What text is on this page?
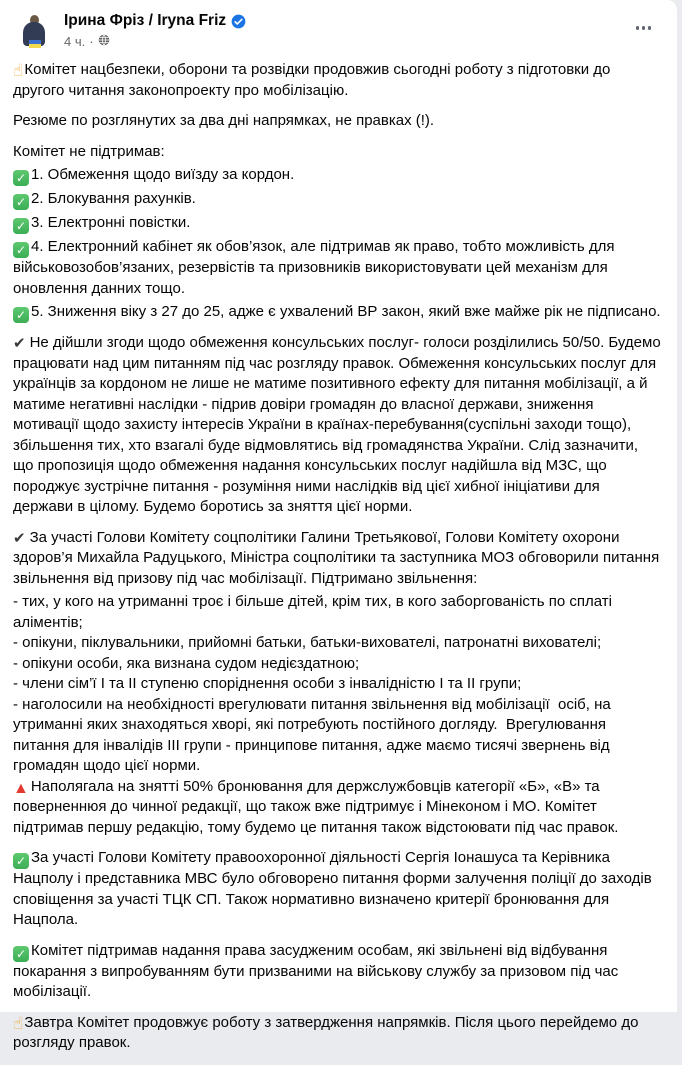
Ірина Фріз / Iryna Friz
4 ч. ·
☝Комітет нацбезпеки, оборони та розвідки продовжив сьогодні роботу з підготовки до другого читання законопроекту про мобілізацію.
Резюме по розглянутих за два дні напрямках, не правках (!).
Комітет не підтримав:
✓ 1. Обмеження щодо виїзду за кордон.
✓ 2. Блокування рахунків.
✓ 3. Електронні повістки.
✓ 4. Електронний кабінет як обов’язок, але підтримав як право, тобто можливість для військовозобов’язаних, резервістів та призовників використовувати цей механізм для оновлення данних тощо.
✓ 5. Зниження віку з 27 до 25, адже є ухвалений ВР закон, який вже майже рік не підписано.
✔ Не дійшли згоди щодо обмеження консульських послуг- голоси розділились 50/50. Будемо працювати над цим питанням під час розгляду правок. Обмеження консульських послуг для українців за кордоном не лише не матиме позитивного ефекту для питання мобілізації, а й матиме негативні наслідки - підрив довіри громадян до власної держави, зниження мотивації щодо захисту інтересів України в країнах-перебування(суспільні заходи тощо), збільшення тих, хто взагалі буде відмовлятись від громадянства України. Слід зазначити, що пропозиція щодо обмеження надання консульських послуг надійшла від МЗС, що породжує зустрічне питання - розуміння ними наслідків від цієї хибної ініціативи для держави в цілому. Будемо боротись за зняття цієї норми.
✔ За участі Голови Комітету соцполітики Галини Третьякової, Голови Комітету охорони здоров’я Михайла Радуцького, Міністра соцполітики та заступника МОЗ обговорили питання звільнення від призову під час мобілізації. Підтримано звільнення:
- тих, у кого на утриманні троє і більше дітей, крім тих, в кого заборгованість по сплаті аліментів;
- опікуни, піклувальники, прийомні батьки, батьки-вихователі, патронатні вихователі;
- опікуни особи, яка визнана судом недієздатною;
- члени сім’ї I та II ступеню споріднення особи з інвалідністю I та II групи;
- наголосили на необхідності врегулювати питання звільнення від мобілізації  осіб, на утриманні яких знаходяться хворі, які потребують постійного догляду.  Врегулювання питання для інвалідів III групи - принципове питання, адже маємо тисячі звернень від громадян щодо цієї норми.
▲ Наполягала на знятті 50% бронювання для держслужбовців категорії «Б», «В» та поверненнюя до чинної редакції, що також вже підтримує і Мінеконом і МО. Комітет підтримав першу редакцію, тому будемо це питання також відстоювати під час правок.
✓ За участі Голови Комітету правоохоронної діяльності Сергія Іонашуса та Керівника Нацполу і представника МВС було обговорено питання форми залучення поліції до заходів сповіщення за участі ТЦК СП. Також нормативно визначено критерії бронювання для Нацпола.
✓ Комітет підтримав надання права засудженим особам, які звільнені від відбування покарання з випробуванням бути призваними на військову службу за призовом під час мобілізації.
☝Завтра Комітет продовжує роботу з затвердження напрямків. Після цього перейдемо до розгляду правок.
